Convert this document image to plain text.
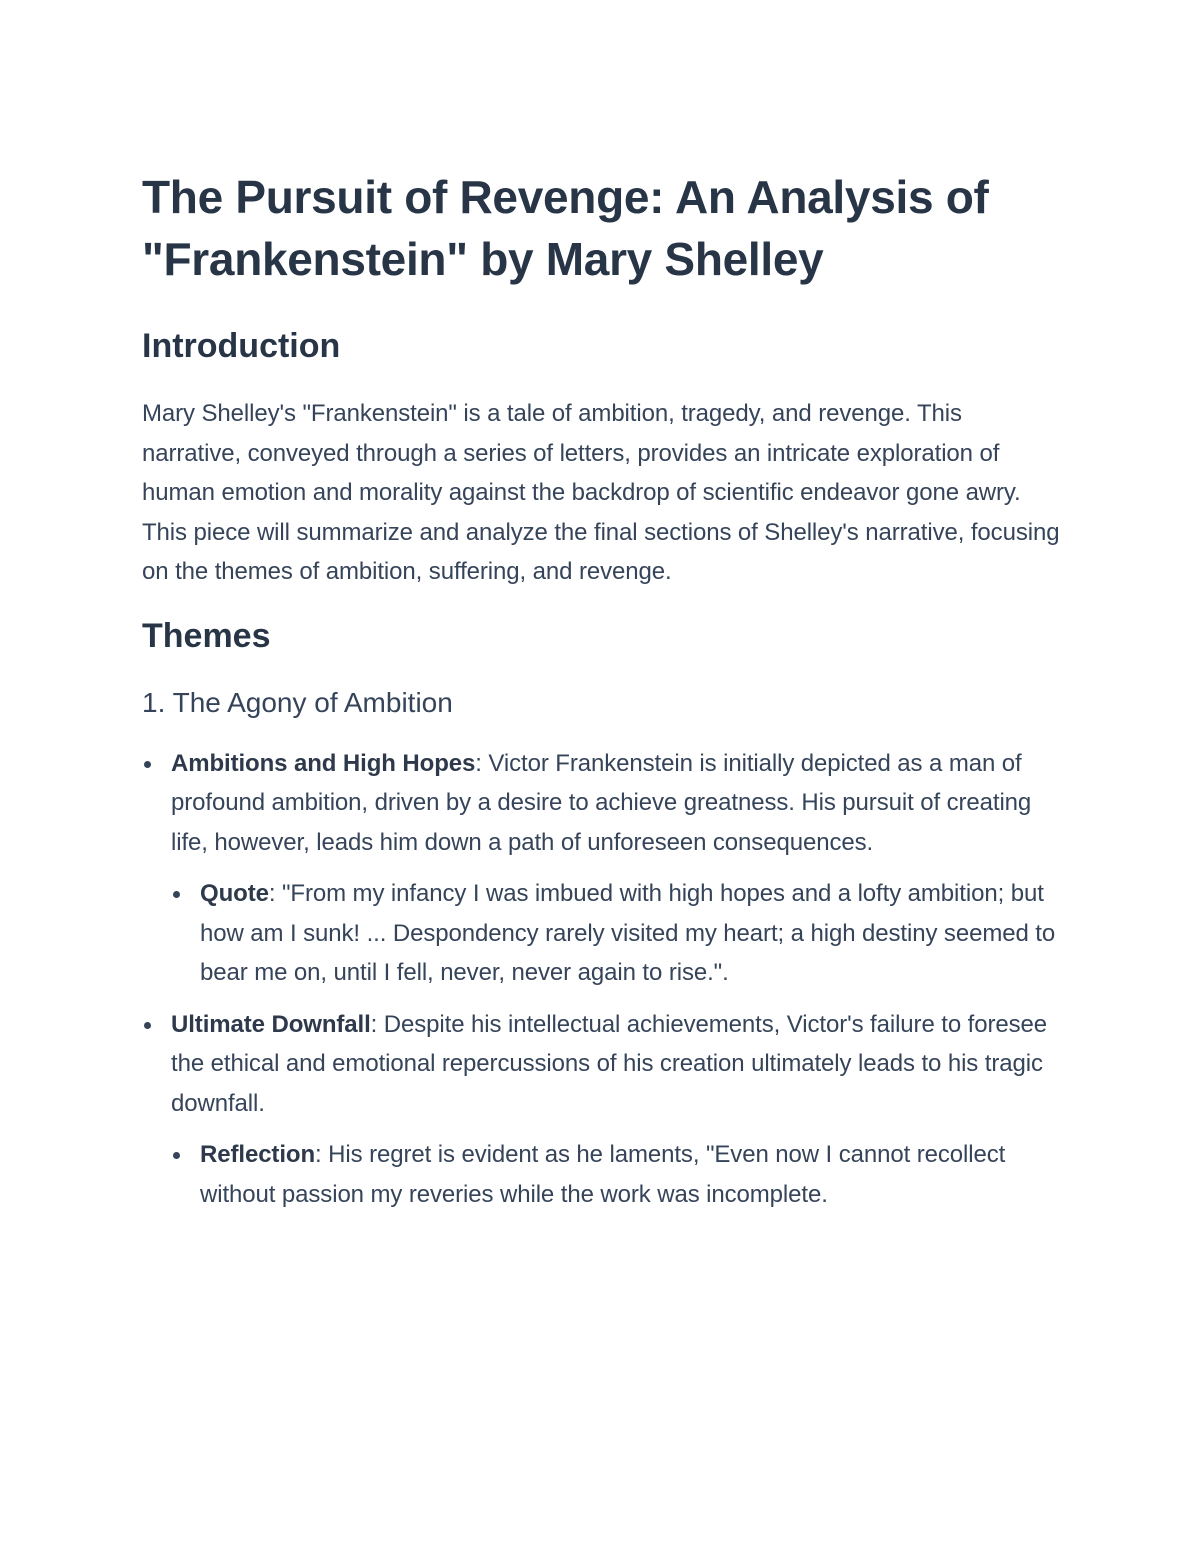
The Pursuit of Revenge: An Analysis of "Frankenstein" by Mary Shelley
Introduction

Mary Shelley's "Frankenstein" is a tale of ambition, tragedy, and revenge. This narrative, conveyed through a series of letters, provides an intricate exploration of human emotion and morality against the backdrop of scientific endeavor gone awry. This piece will summarize and analyze the final sections of Shelley's narrative, focusing on the themes of ambition, suffering, and revenge.

Themes
1. The Agony of Ambition
Ambitions and High Hopes: Victor Frankenstein is initially depicted as a man of profound ambition, driven by a desire to achieve greatness. His pursuit of creating life, however, leads him down a path of unforeseen consequences.
Quote: "From my infancy I was imbued with high hopes and a lofty ambition; but how am I sunk! ... Despondency rarely visited my heart; a high destiny seemed to bear me on, until I fell, never, never again to rise.".
Ultimate Downfall: Despite his intellectual achievements, Victor's failure to foresee the ethical and emotional repercussions of his creation ultimately leads to his tragic downfall.
Reflection: His regret is evident as he laments, "Even now I cannot recollect without passion my reveries while the work was incomplete.
